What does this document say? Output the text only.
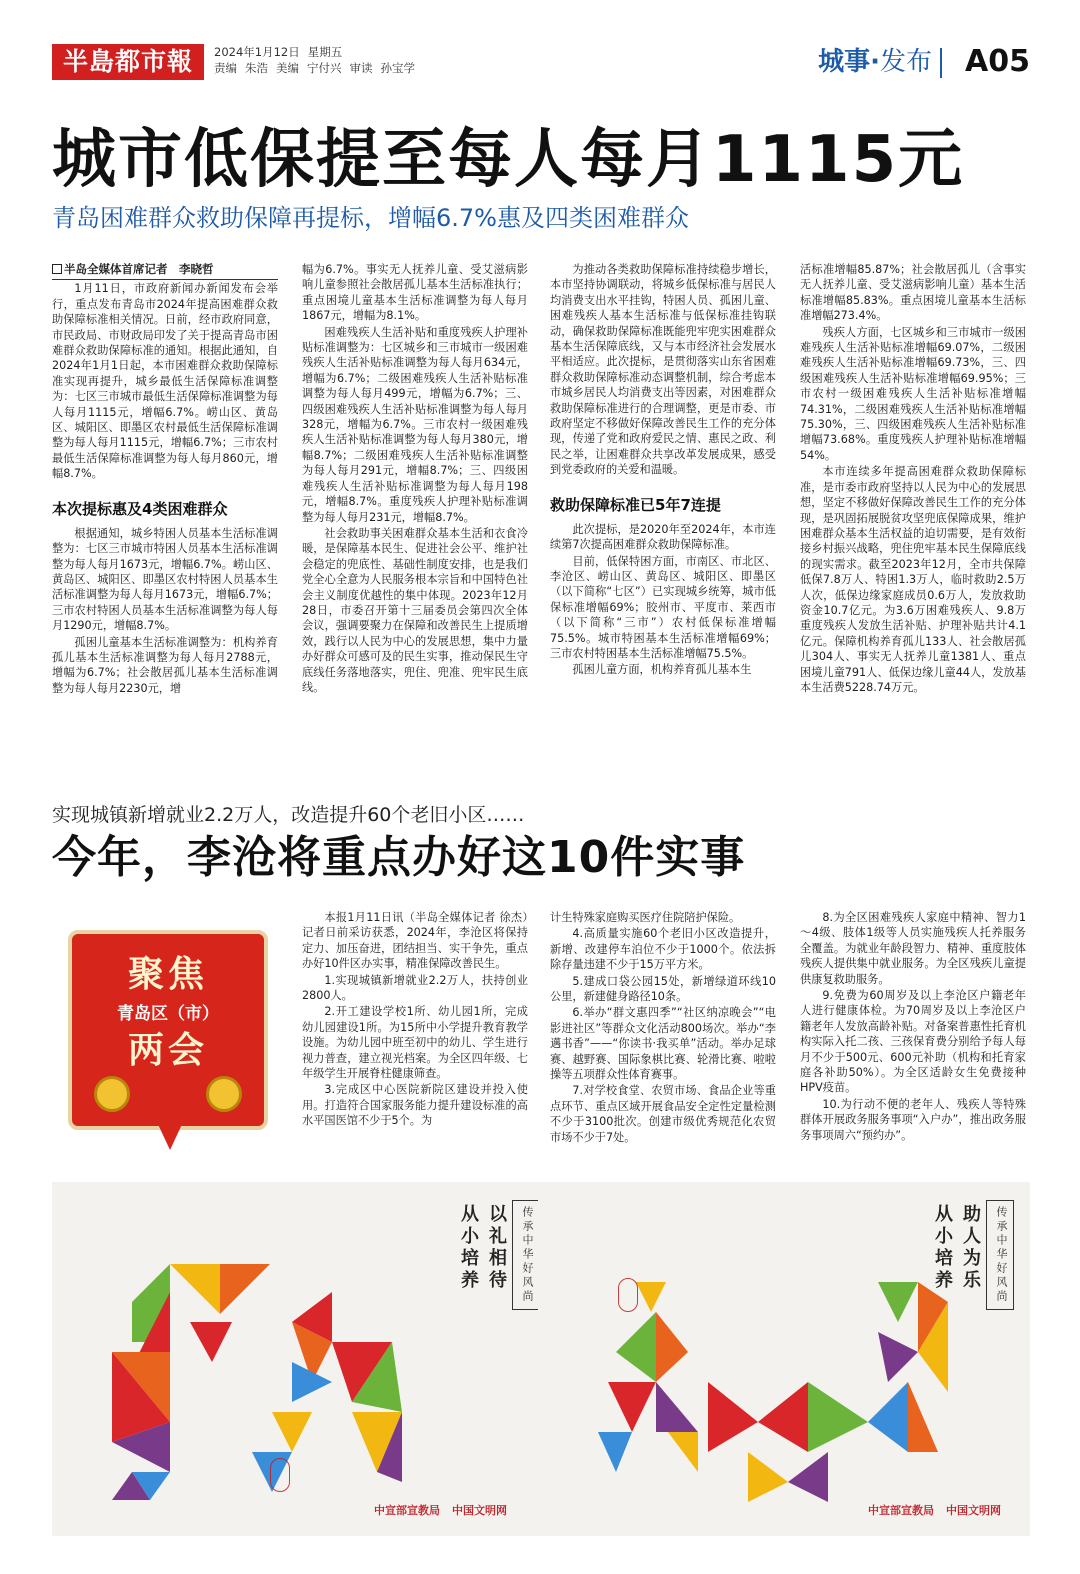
半島都市報	2024年1月12日 星期五
责编 朱浩 美编 宁付兴 审读 孙宝学	城事·发布 A05
城市低保提至每人每月1115元
青岛困难群众救助保障再提标，增幅6.7%惠及四类困难群众

半岛全媒体首席记者　李晓哲

1月11日，市政府新闻办新闻发布会举行，重点发布青岛市2024年提高困难群众救助保障标准相关情况。日前，经市政府同意，市民政局、市财政局印发了关于提高青岛市困难群众救助保障标准的通知。根据此通知，自2024年1月1日起，本市困难群众救助保障标准实现再提升，城乡最低生活保障标准调整为：七区三市城市最低生活保障标准调整为每人每月1115元，增幅6.7%。崂山区、黄岛区、城阳区、即墨区农村最低生活保障标准调整为每人每月1115元，增幅6.7%；三市农村最低生活保障标准调整为每人每月860元，增幅8.7%。

本次提标惠及4类困难群众

根据通知，城乡特困人员基本生活标准调整为：七区三市城市特困人员基本生活标准调整为每人每月1673元，增幅6.7%。崂山区、黄岛区、城阳区、即墨区农村特困人员基本生活标准调整为每人每月1673元，增幅6.7%；三市农村特困人员基本生活标准调整为每人每月1290元，增幅8.7%。

孤困儿童基本生活标准调整为：机构养育孤儿基本生活标准调整为每人每月2788元，增幅为6.7%；社会散居孤儿基本生活标准调整为每人每月2230元，增

幅为6.7%。事实无人抚养儿童、受艾滋病影响儿童参照社会散居孤儿基本生活标准执行；重点困境儿童基本生活标准调整为每人每月1867元，增幅为8.1%。

困难残疾人生活补贴和重度残疾人护理补贴标准调整为：七区城乡和三市城市一级困难残疾人生活补贴标准调整为每人每月634元，增幅为6.7%；二级困难残疾人生活补贴标准调整为每人每月499元，增幅为6.7%；三、四级困难残疾人生活补贴标准调整为每人每月328元，增幅为6.7%。三市农村一级困难残疾人生活补贴标准调整为每人每月380元，增幅8.7%；二级困难残疾人生活补贴标准调整为每人每月291元，增幅8.7%；三、四级困难残疾人生活补贴标准调整为每人每月198元，增幅8.7%。重度残疾人护理补贴标准调整为每人每月231元，增幅8.7%。

社会救助事关困难群众基本生活和衣食冷暖，是保障基本民生、促进社会公平、维护社会稳定的兜底性、基础性制度安排，也是我们党全心全意为人民服务根本宗旨和中国特色社会主义制度优越性的集中体现。2023年12月28日，市委召开第十三届委员会第四次全体会议，强调要聚力在保障和改善民生上提质增效，践行以人民为中心的发展思想，集中力量办好群众可感可及的民生实事，推动保民生守底线任务落地落实，兜住、兜准、兜牢民生底线。

为推动各类救助保障标准持续稳步增长，本市坚持协调联动，将城乡低保标准与居民人均消费支出水平挂钩，特困人员、孤困儿童、困难残疾人基本生活标准与低保标准挂钩联动，确保救助保障标准既能兜牢兜实困难群众基本生活保障底线，又与本市经济社会发展水平相适应。此次提标，是贯彻落实山东省困难群众救助保障标准动态调整机制，综合考虑本市城乡居民人均消费支出等因素，对困难群众救助保障标准进行的合理调整，更是市委、市政府坚定不移做好保障改善民生工作的充分体现，传递了党和政府爱民之情、惠民之政、利民之举，让困难群众共享改革发展成果，感受到党委政府的关爱和温暖。

救助保障标准已5年7连提

此次提标，是2020年至2024年，本市连续第7次提高困难群众救助保障标准。

目前，低保特困方面，市南区、市北区、李沧区、崂山区、黄岛区、城阳区、即墨区（以下简称“七区”）已实现城乡统筹，城市低保标准增幅69%；胶州市、平度市、莱西市（以下简称“三市”）农村低保标准增幅75.5%。城市特困基本生活标准增幅69%；三市农村特困基本生活标准增幅75.5%。

孤困儿童方面，机构养育孤儿基本生

活标准增幅85.87%；社会散居孤儿（含事实无人抚养儿童、受艾滋病影响儿童）基本生活标准增幅85.83%。重点困境儿童基本生活标准增幅273.4%。

残疾人方面，七区城乡和三市城市一级困难残疾人生活补贴标准增幅69.07%，二级困难残疾人生活补贴标准增幅69.73%，三、四级困难残疾人生活补贴标准增幅69.95%；三市农村一级困难残疾人生活补贴标准增幅74.31%，二级困难残疾人生活补贴标准增幅75.30%，三、四级困难残疾人生活补贴标准增幅73.68%。重度残疾人护理补贴标准增幅54%。

本市连续多年提高困难群众救助保障标准，是市委市政府坚持以人民为中心的发展思想，坚定不移做好保障改善民生工作的充分体现，是巩固拓展脱贫攻坚兜底保障成果，维护困难群众基本生活权益的迫切需要，是有效衔接乡村振兴战略，兜住兜牢基本民生保障底线的现实需求。截至2023年12月，全市共保障低保7.8万人、特困1.3万人，临时救助2.5万人次，低保边缘家庭成员0.6万人，发放救助资金10.7亿元。为3.6万困难残疾人、9.8万重度残疾人发放生活补贴、护理补贴共计4.1亿元。保障机构养育孤儿133人、社会散居孤儿304人、事实无人抚养儿童1381人、重点困境儿童791人、低保边缘儿童44人，发放基本生活费5228.74万元。

实现城镇新增就业2.2万人，改造提升60个老旧小区……
今年，李沧将重点办好这10件实事
聚焦
青岛区（市）
两会

本报1月11日讯（半岛全媒体记者 徐杰）记者日前采访获悉，2024年，李沧区将保持定力、加压奋进，团结担当、实干争先，重点办好10件区办实事，精准保障改善民生。

1.实现城镇新增就业2.2万人，扶持创业2800人。

2.开工建设学校1所、幼儿园1所，完成幼儿园建设1所。为15所中小学提升教育教学设施。为幼儿园中班至初中的幼儿、学生进行视力普查，建立视光档案。为全区四年级、七年级学生开展脊柱健康筛查。

3.完成区中心医院新院区建设并投入使用。打造符合国家服务能力提升建设标准的高水平国医馆不少于5个。为

计生特殊家庭购买医疗住院陪护保险。

4.高质量实施60个老旧小区改造提升，新增、改建停车泊位不少于1000个。依法拆除存量违建不少于15万平方米。

5.建成口袋公园15处，新增绿道环线10公里，新建健身路径10条。

6.举办“群文惠四季”“社区纳凉晚会”“电影进社区”等群众文化活动800场次。举办“李邁书香”——“你读书·我买单”活动。举办足球赛、越野赛、国际象棋比赛、轮滑比赛、啦啦操等五项群众性体育赛事。

7.对学校食堂、农贸市场、食品企业等重点环节、重点区域开展食品安全定性定量检测不少于3100批次。创建市级优秀规范化农贸市场不少于7处。

8.为全区困难残疾人家庭中精神、智力1～4级、肢体1级等人员实施残疾人托养服务全覆盖。为就业年龄段智力、精神、重度肢体残疾人提供集中就业服务。为全区残疾儿童提供康复救助服务。

9.免费为60周岁及以上李沧区户籍老年人进行健康体检。为70周岁及以上李沧区户籍老年人发放高龄补贴。对备案普惠性托育机构实际入托二孩、三孩保育费分别给予每人每月不少于500元、600元补助（机构和托育家庭各补助50%）。为全区适龄女生免费接种HPV疫苗。

10.为行动不便的老年人、残疾人等特殊群体开展政务服务事项“入户办”，推出政务服务事项周六“预约办”。

以礼相待
从小培养	传承中华好风尚
中宣部宣教局 中国文明网
助人为乐
从小培养	传承中华好风尚
中宣部宣教局 中国文明网
